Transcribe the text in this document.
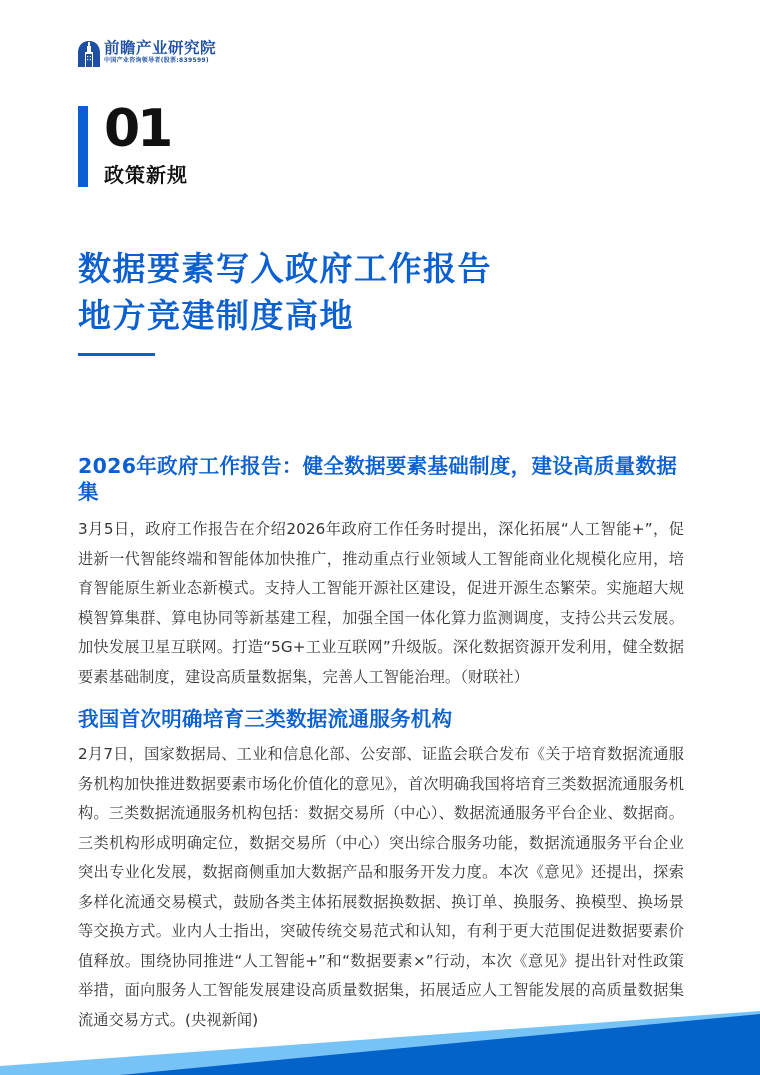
前瞻产业研究院
中国产业咨询领导者(股票:839599)
01
政策新规
数据要素写入政府工作报告
地方竞建制度高地
2026年政府工作报告：健全数据要素基础制度，建设高质量数据集
3月5日，政府工作报告在介绍2026年政府工作任务时提出，深化拓展“人工智能+”，促进新一代智能终端和智能体加快推广，推动重点行业领域人工智能商业化规模化应用，培育智能原生新业态新模式。支持人工智能开源社区建设，促进开源生态繁荣。实施超大规模智算集群、算电协同等新基建工程，加强全国一体化算力监测调度，支持公共云发展。加快发展卫星互联网。打造“5G+工业互联网”升级版。深化数据资源开发利用，健全数据要素基础制度，建设高质量数据集，完善人工智能治理。（财联社）
我国首次明确培育三类数据流通服务机构
2月7日，国家数据局、工业和信息化部、公安部、证监会联合发布《关于培育数据流通服务机构加快推进数据要素市场化价值化的意见》，首次明确我国将培育三类数据流通服务机构。三类数据流通服务机构包括：数据交易所（中心）、数据流通服务平台企业、数据商。三类机构形成明确定位，数据交易所（中心）突出综合服务功能，数据流通服务平台企业突出专业化发展，数据商侧重加大数据产品和服务开发力度。本次《意见》还提出，探索多样化流通交易模式，鼓励各类主体拓展数据换数据、换订单、换服务、换模型、换场景等交换方式。业内人士指出，突破传统交易范式和认知，有利于更大范围促进数据要素价值释放。围绕协同推进“人工智能+”和“数据要素×”行动，本次《意见》提出针对性政策举措，面向服务人工智能发展建设高质量数据集，拓展适应人工智能发展的高质量数据集流通交易方式。(央视新闻)
